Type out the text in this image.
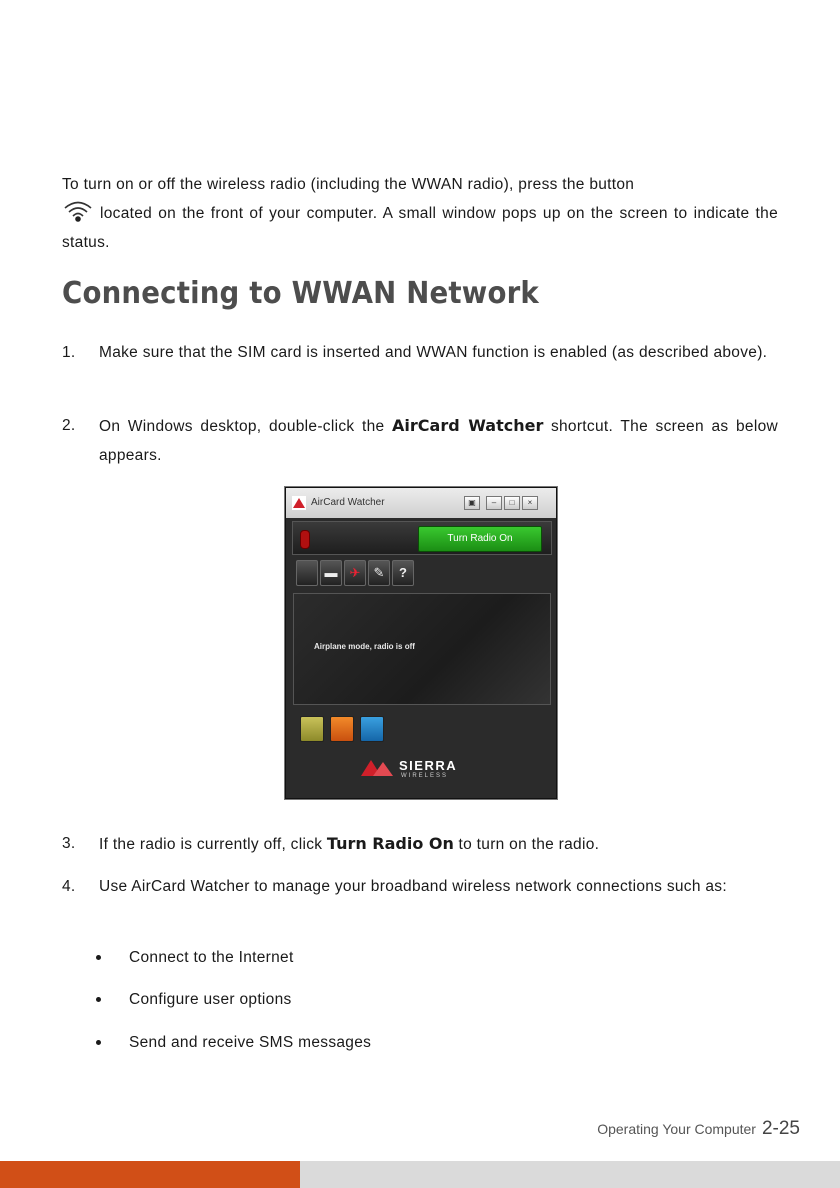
To turn on or off the wireless radio (including the WWAN radio), press the button
located on the front of your computer. A small window pops up on the screen to indicate the status.
Connecting to WWAN Network
1. Make sure that the SIM card is inserted and WWAN function is enabled (as described above).
2. On Windows desktop, double-click the AirCard Watcher shortcut. The screen as below appears.
AirCard Watcher	▣	–	□	×
Turn Radio On
▬ ✈	✎	?
Airplane mode, radio is off
SIERRA
WIRELESS
3. If the radio is currently off, click Turn Radio On to turn on the radio.
4. Use AirCard Watcher to manage your broadband wireless network connections such as:
Connect to the Internet
Configure user options
Send and receive SMS messages
Operating Your Computer 2-25
